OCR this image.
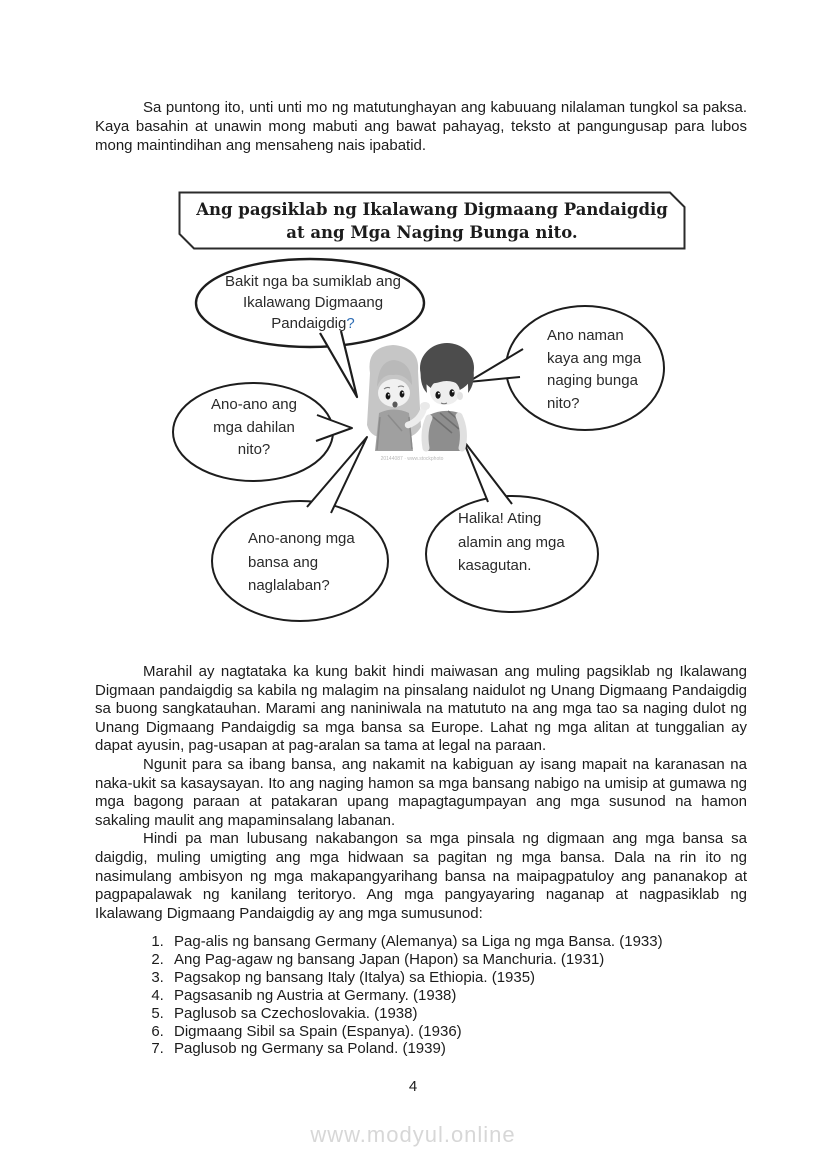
Sa puntong ito, unti unti mo ng matutunghayan ang kabuuang nilalaman tungkol sa paksa. Kaya basahin at unawin mong mabuti ang bawat pahayag, teksto at pangungusap para lubos mong maintindihan ang mensaheng nais ipabatid.

Ang pagsiklab ng Ikalawang Digmaang Pandaigdig at ang Mga Naging Bunga nito.
20144087 · www.stockphoto
Bakit nga ba sumiklab ang Ikalawang Digmaang Pandaigdig?
Ano naman kaya ang mga naging bunga nito?
Ano-ano ang mga dahilan nito?
Ano-anong mga bansa ang naglalaban?
Halika! Ating alamin ang mga kasagutan.

Marahil ay nagtataka ka kung bakit hindi maiwasan ang muling pagsiklab ng Ikalawang Digmaan pandaigdig sa kabila ng malagim na pinsalang naidulot ng Unang Digmaang Pandaigdig sa buong sangkatauhan. Marami ang naniniwala na matututo na ang mga tao sa naging dulot ng Unang Digmaang Pandaigdig sa mga bansa sa Europe. Lahat ng mga alitan at tunggalian ay dapat ayusin, pag-usapan at pag-aralan sa tama at legal na paraan.

Ngunit para sa ibang bansa, ang nakamit na kabiguan ay isang mapait na karanasan na naka-ukit sa kasaysayan. Ito ang naging hamon sa mga bansang nabigo na umisip at gumawa ng mga bagong paraan at patakaran upang mapagtagumpayan ang mga susunod na hamon sakaling maulit ang mapaminsalang labanan.

Hindi pa man lubusang nakabangon sa mga pinsala ng digmaan ang mga bansa sa daigdig, muling umigting ang mga hidwaan sa pagitan ng mga bansa. Dala na rin ito ng nasimulang ambisyon ng mga makapangyarihang bansa na maipagpatuloy ang pananakop at pagpapalawak ng kanilang teritoryo. Ang mga pangyayaring naganap at nagpasiklab ng Ikalawang Digmaang Pandaigdig ay ang mga sumusunod:

1. Pag-alis ng bansang Germany (Alemanya) sa Liga ng mga Bansa. (1933)
2. Ang Pag-agaw ng bansang Japan (Hapon) sa Manchuria. (1931)
3. Pagsakop ng bansang Italy (Italya) sa Ethiopia. (1935)
4. Pagsasanib ng Austria at Germany. (1938)
5. Paglusob sa Czechoslovakia. (1938)
6. Digmaang Sibil sa Spain (Espanya). (1936)
7. Paglusob ng Germany sa Poland. (1939)
4
www.modyul.online
